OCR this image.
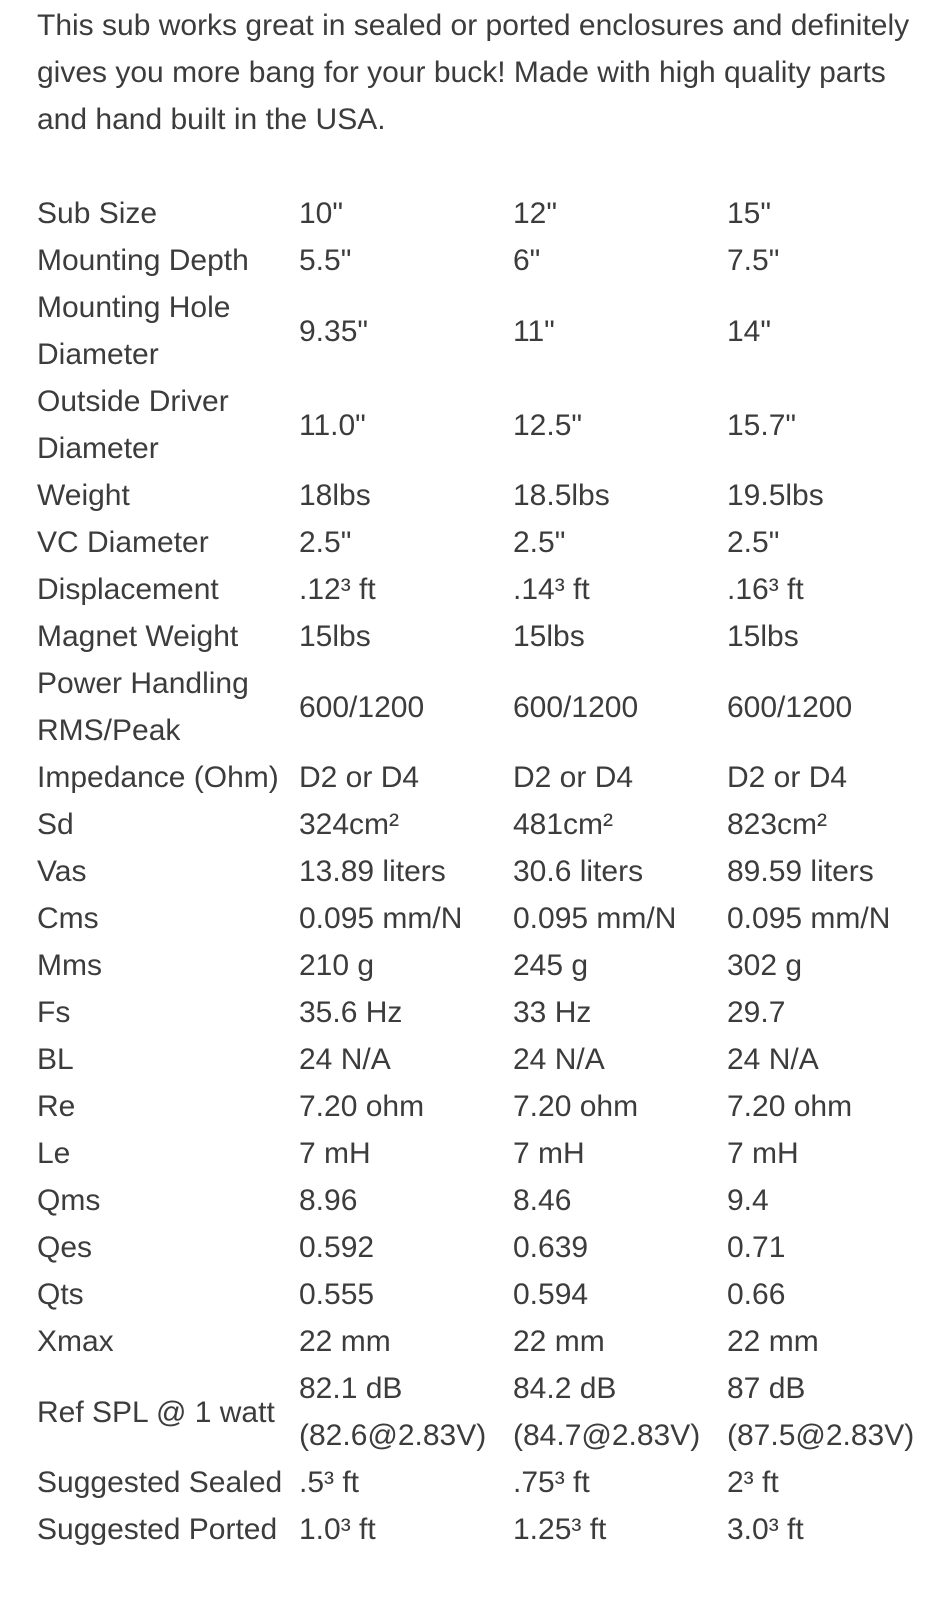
This sub works great in sealed or ported enclosures and definitely gives you more bang for your buck! Made with high quality parts and hand built in the USA.

Sub Size	10"	12"	15"
Mounting Depth	5.5"	6"	7.5"
Mounting Hole Diameter	9.35"	11"	14"
Outside Driver Diameter	11.0"	12.5"	15.7"
Weight	18lbs	18.5lbs	19.5lbs
VC Diameter	2.5"	2.5"	2.5"
Displacement	.12³ ft	.14³ ft	.16³ ft
Magnet Weight	15lbs	15lbs	15lbs
Power Handling RMS/Peak	600/1200	600/1200	600/1200
Impedance (Ohm)	D2 or D4	D2 or D4	D2 or D4
Sd	324cm²	481cm²	823cm²
Vas	13.89 liters	30.6 liters	89.59 liters
Cms	0.095 mm/N	0.095 mm/N	0.095 mm/N
Mms	210 g	245 g	302 g
Fs	35.6 Hz	33 Hz	29.7
BL	24 N/A	24 N/A	24 N/A
Re	7.20 ohm	7.20 ohm	7.20 ohm
Le	7 mH	7 mH	7 mH
Qms	8.96	8.46	9.4
Qes	0.592	0.639	0.71
Qts	0.555	0.594	0.66
Xmax	22 mm	22 mm	22 mm
Ref SPL @ 1 watt	82.1 dB (82.6@2.83V)	84.2 dB (84.7@2.83V)	87 dB (87.5@2.83V)
Suggested Sealed	.5³ ft	.75³ ft	2³ ft
Suggested Ported	1.0³ ft	1.25³ ft	3.0³ ft
